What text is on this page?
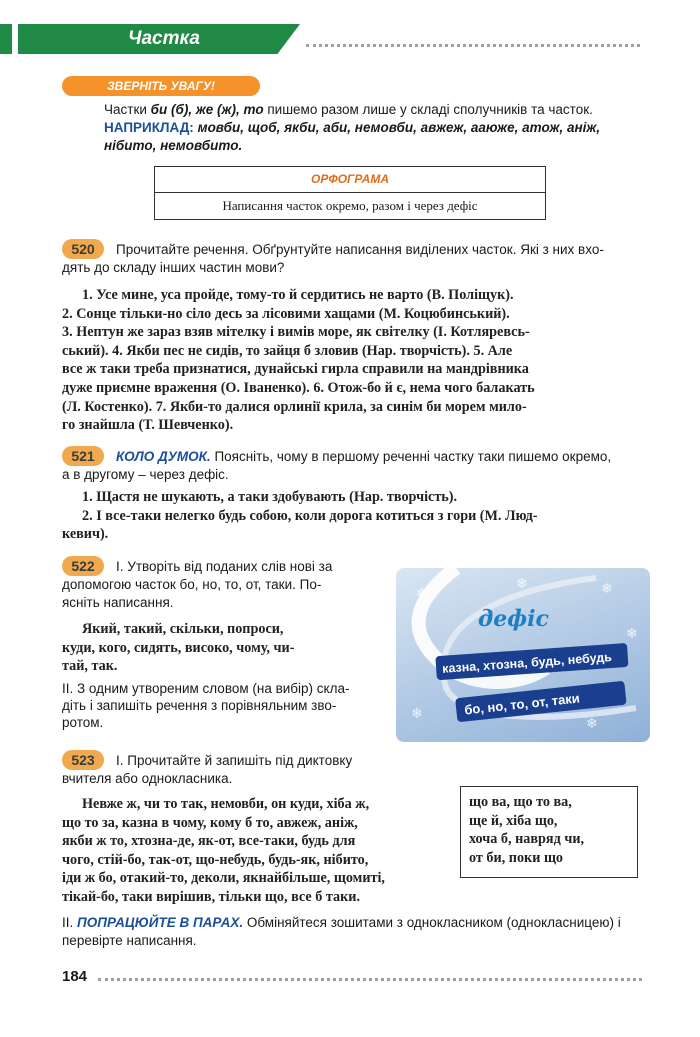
Частка
ЗВЕРНІТЬ УВАГУ!
Частки би (б), же (ж), то пишемо разом лише у складі сполучників та часток.
НАПРИКЛАД: мовби, щоб, якби, аби, немовби, авжеж, ааюже, атож, аніж,
нібито, немовбито.
ОРФОГРАМА
Написання часток окремо, разом і через дефіс
520	Прочитайте речення. Обґрунтуйте написання виділених часток. Які з них вхо-
дять до складу інших частин мови?
1. Усе мине, уса пройде, тому-то й сердитись не варто (В. Поліщук).
2. Сонце тільки-но сіло десь за лісовими хащами (М. Коцюбинський).
3. Нептун же зараз взяв мітелку і вимів море, як світелку (І. Котляревсь-
ський). 4. Якби пес не сидів, то зайця б зловив (Нар. творчість). 5. Але
все ж таки треба признатися, дунайські гирла справили на мандрівника
дуже приємне враження (О. Іваненко). 6. Отож-бо й є, нема чого балакать
(Л. Костенко). 7. Якби-то далися орлинії крила, за синім би морем мило-
го знайшла (Т. Шевченко).
521	КОЛО ДУМОК. Поясніть, чому в першому реченні частку таки пишемо окремо,
а в другому – через дефіс.
1. Щастя не шукають, а таки здобувають (Нар. творчість).
2. І все-таки нелегко будь собою, коли дорога котиться з гори (М. Люд-
кевич).
522	І. Утворіть від поданих слів нові за
допомогою часток бо, но, то, от, таки. По-
ясніть написання.
Який, такий, скільки, попроси,
куди, кого, сидять, високо, чому, чи-
тай, так.
ІІ. З одним утвореним словом (на вибір) скла-
діть і запишіть речення з порівняльним зво-
ротом.
❄
❄
❄
❄
❄
❄
дефіс
казна, хтозна, будь, небудь
бо, но, то, от, таки
523	І. Прочитайте й запишіть під диктовку
вчителя або однокласника.
Невже ж, чи то так, немовби, он куди, хіба ж,
що то за, казна в чому, кому б то, авжеж, аніж,
якби ж то, хтозна-де, як-от, все-таки, будь для
чого, стій-бо, так-от, що-небудь, будь-як, нібито,
іди ж бо, отакий-то, деколи, якнайбільше, щомиті,
тікай-бо, таки вирішив, тільки що, все б таки.
що ва, що то ва,
ще й, хіба що,
хоча б, навряд чи,
от би, поки що
ІІ. ПОПРАЦЮЙТЕ В ПАРАХ. Обміняйтеся зошитами з однокласником (однокласницею) і
перевірте написання.
184
